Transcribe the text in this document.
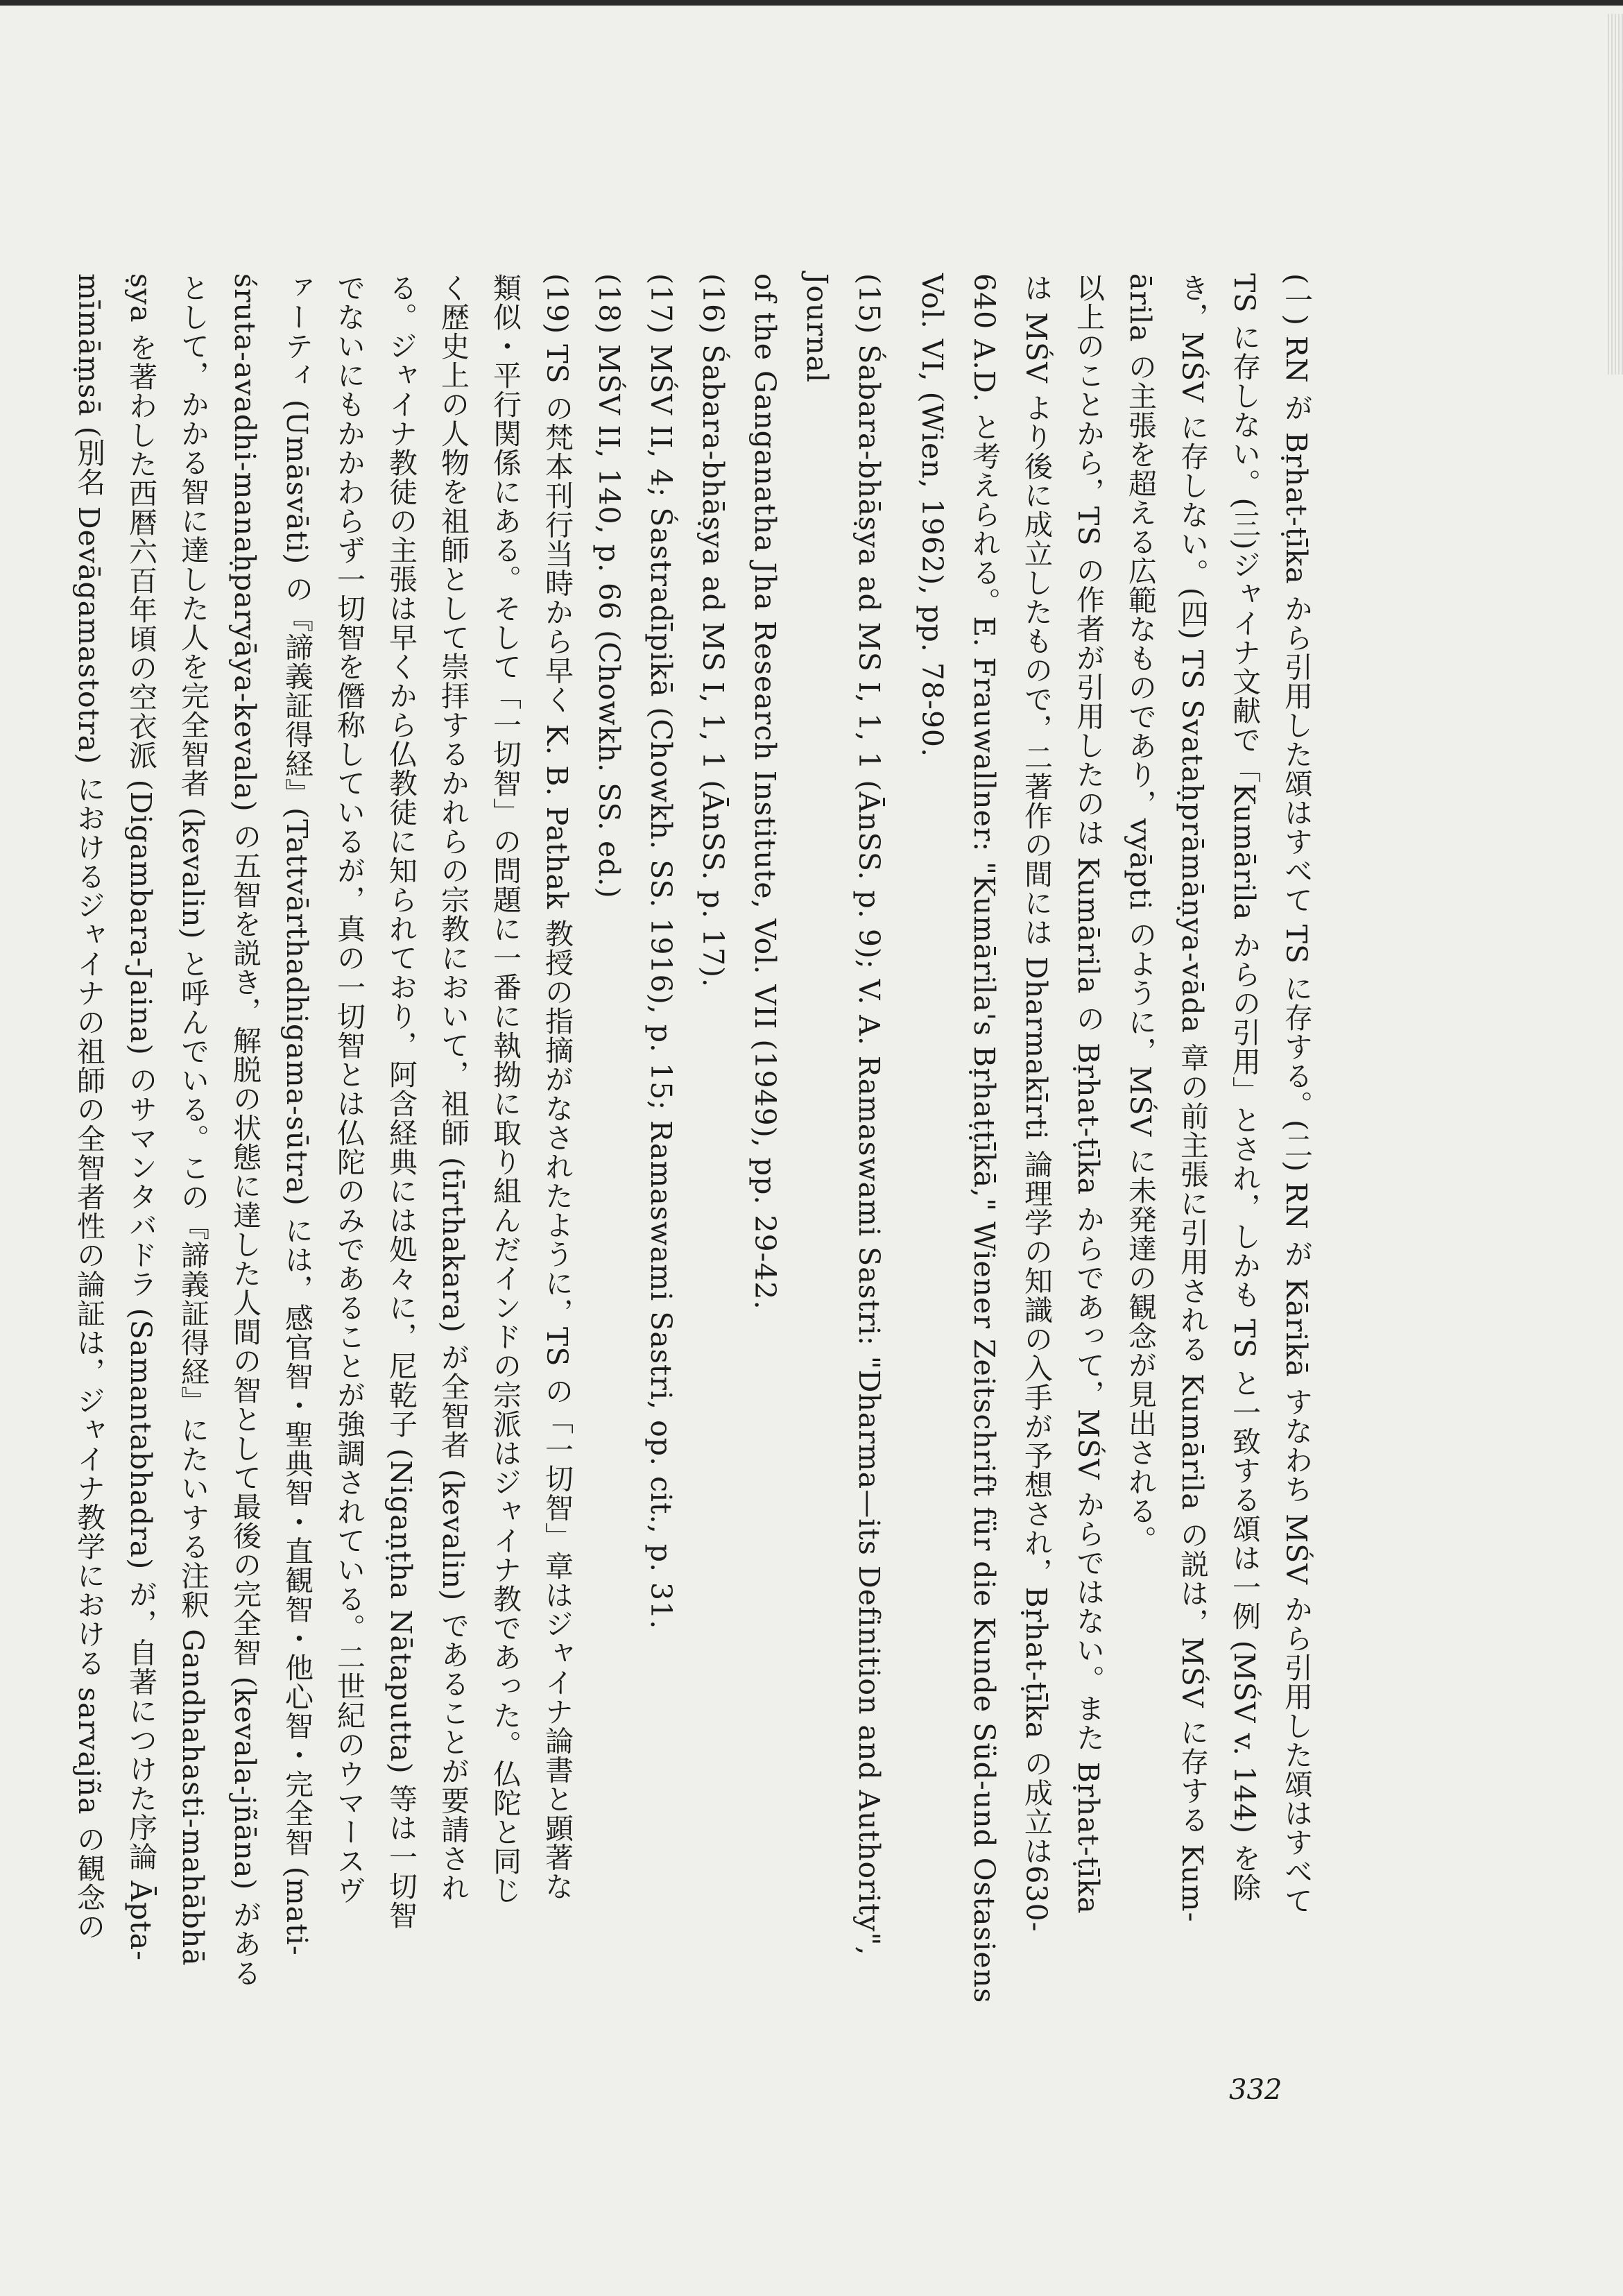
(一) RN が Bṛhat-ṭīka から引用した頌はすべて TS に存する。(二) RN が Kārikā すなわち MŚV から引用した頌はすべて
TS に存しない。(三)ジャイナ文献で「Kumārila からの引用」とされ，しかも TS と一致する頌は一例 (MŚV v. 144) を除
き，MŚV に存しない。(四) TS Svataḥprāmāṇya-vāda 章の前主張に引用される Kumārila の説は，MŚV に存する Kum-
ārila の主張を超える広範なものであり，vyāpti のように，MŚV に未発達の観念が見出される。
以上のことから，TS の作者が引用したのは Kumārila の Bṛhat-ṭīka からであって，MŚV からではない。また Bṛhat-ṭīka
は MŚV より後に成立したもので，二著作の間には Dharmakīrti 論理学の知識の入手が予想され，Bṛhat-ṭīka の成立は630-
640 A.D. と考えられる。E. Frauwallner: "Kumārila's Bṛhaṭṭīkā," Wiener Zeitschrift für die Kunde Süd-und Ostasiens
Vol. VI, (Wien, 1962), pp. 78-90.
(15) Śabara-bhāṣya ad MS I, 1, 1 (ĀnSS. p. 9); V. A. Ramaswami Sastri: "Dharma—its Definition and Authority", Journal
of the Ganganatha Jha Research Institute, Vol. VII (1949), pp. 29-42.
(16) Śabara-bhāṣya ad MS I, 1, 1 (ĀnSS. p. 17).
(17) MŚV II, 4; Śastradīpikā (Chowkh. SS. 1916), p. 15; Ramaswami Sastri, op. cit., p. 31.
(18) MŚV II, 140, p. 66 (Chowkh. SS. ed.)
(19) TS の梵本刊行当時から早く K. B. Pathak 教授の指摘がなされたように，TS の「一切智」章はジャイナ論書と顕著な
類似・平行関係にある。そして「一切智」の問題に一番に執拗に取り組んだインドの宗派はジャイナ教であった。仏陀と同じ
く歴史上の人物を祖師として崇拝するかれらの宗教において，祖師 (tīrthakara) が全智者 (kevalin) であることが要請され
る。ジャイナ教徒の主張は早くから仏教徒に知られており，阿含経典には処々に，尼乾子 (Nigaṇṭha Nātaputta) 等は一切智
でないにもかかわらず一切智を僭称しているが，真の一切智とは仏陀のみであることが強調されている。二世紀のウマースヴ
ァーティ (Umāsvāti) の『諦義証得経』(Tattvārthadhigama-sūtra) には，感官智・聖典智・直観智・他心智・完全智 (mati-
śruta-avadhi-manaḥparyāya-kevala) の五智を説き，解脱の状態に達した人間の智として最後の完全智 (kevala-jñāna) がある
として，かかる智に達した人を完全智者 (kevalin) と呼んでいる。この『諦義証得経』にたいする注釈 Gandhahasti-mahābhā
ṣya を著わした西暦六百年頃の空衣派 (Digambara-Jaina) のサマンタバドラ (Samantabhadra) が，自著につけた序論 Āpta-
mīmāṃsā (別名 Devāgamastotra) におけるジャイナの祖師の全智者性の論証は，ジャイナ教学における sarvajña の観念の
332
